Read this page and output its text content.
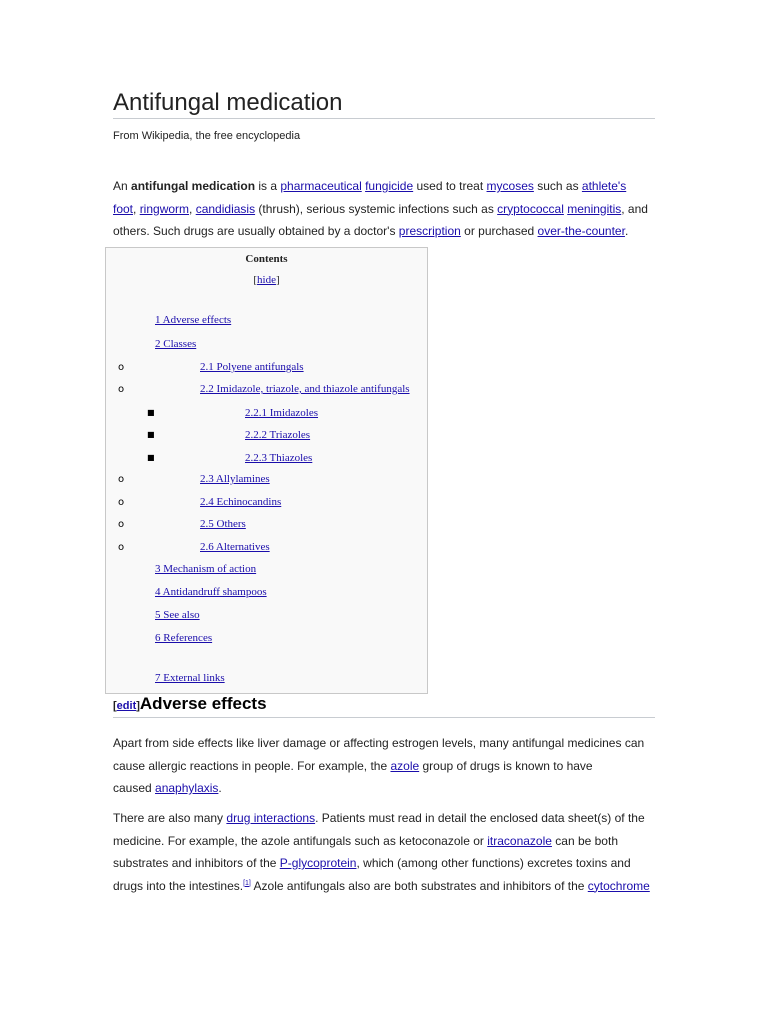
Antifungal medication
From Wikipedia, the free encyclopedia
An antifungal medication is a pharmaceutical fungicide used to treat mycoses such as athlete's
foot, ringworm, candidiasis (thrush), serious systemic infections such as cryptococcal meningitis, and
others. Such drugs are usually obtained by a doctor's prescription or purchased over-the-counter.
Contents
[hide]
1 Adverse effects
2 Classes
o	2.1 Polyene antifungals
o	2.2 Imidazole, triazole, and thiazole antifungals
■	2.2.1 Imidazoles
■	2.2.2 Triazoles
■	2.2.3 Thiazoles
o	2.3 Allylamines
o	2.4 Echinocandins
o	2.5 Others
o	2.6 Alternatives
3 Mechanism of action
4 Antidandruff shampoos
5 See also
6 References
7 External links
[edit]Adverse effects
Apart from side effects like liver damage or affecting estrogen levels, many antifungal medicines can
cause allergic reactions in people. For example, the azole group of drugs is known to have
caused anaphylaxis.
There are also many drug interactions. Patients must read in detail the enclosed data sheet(s) of the
medicine. For example, the azole antifungals such as ketoconazole or itraconazole can be both
substrates and inhibitors of the P-glycoprotein, which (among other functions) excretes toxins and
drugs into the intestines.[1] Azole antifungals also are both substrates and inhibitors of the cytochrome
